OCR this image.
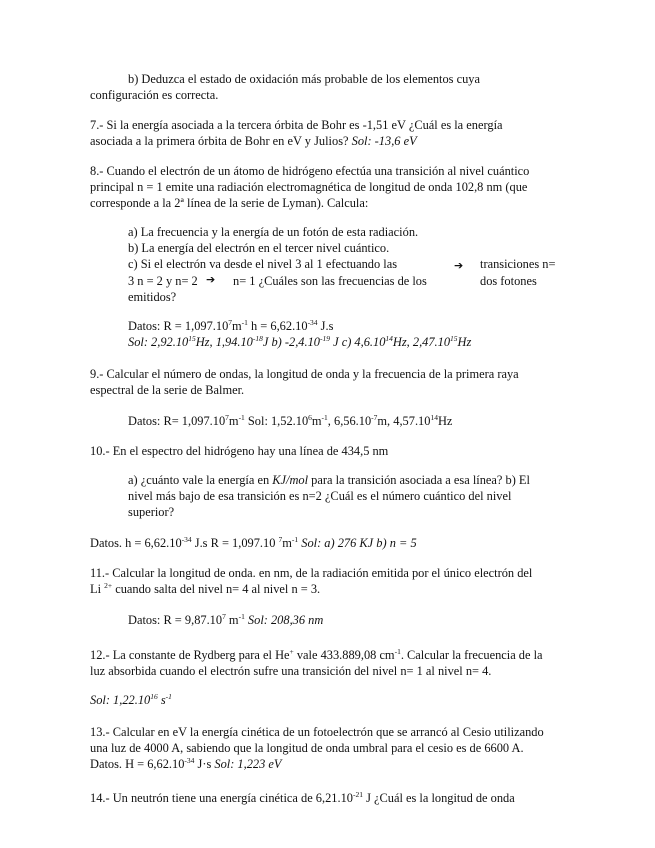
b) Deduzca el estado de oxidación más probable de los elementos cuya

configuración es correcta.

7.- Si la energía asociada a la tercera órbita de Bohr es -1,51 eV ¿Cuál es la energía

asociada a la primera órbita de Bohr en eV y Julios? Sol: -13,6 eV

8.- Cuando el electrón de un átomo de hidrógeno efectúa una transición al nivel cuántico

principal n = 1 emite una radiación electromagnética de longitud de onda 102,8 nm (que

corresponde a la 2ª línea de la serie de Lyman). Calcula:

a) La frecuencia y la energía de un fotón de esta radiación.

b) La energía del electrón en el tercer nivel cuántico.

c) Si el electrón va desde el nivel 3 al 1 efectuando las	➔ transiciones n=

3 n = 2 y n= 2 ➔ n= 1 ¿Cuáles son las frecuencias de los	dos fotones

emitidos?

Datos: $R = 1,097.10^7m^{-1}$ $h = 6,62.10^{-34}$ J.s

Sol: 2,92.10$^{15}$Hz, $1,94.10^{-18}J$ b) $-2,4.10^{-19}$ J c) 4,6.10$^{14}$Hz, 2,47.10$^{15}$Hz

9.- Calcular el número de ondas, la longitud de onda y la frecuencia de la primera raya

espectral de la serie de Balmer.

Datos: $R= 1,097.10^7m^{-1}$ Sol: $1,52.10^6m^{-1}$, $6,56.10^{-7}m$, 4,57.10$^{14}$Hz

10.- En el espectro del hidrógeno hay una línea de 434,5 nm

a) ¿cuánto vale la energía en KJ/mol para la transición asociada a esa línea? b) El

nivel más bajo de esa transición es n=2 ¿Cuál es el número cuántico del nivel

superior?

Datos. $h = 6,62.10^{-34}$ J.s R = 1,097.10 $^7m^{-1}$ Sol: a) 276 KJ b) n = 5

11.- Calcular la longitud de onda. en nm, de la radiación emitida por el único electrón del

Li $^{2+}$ cuando salta del nivel n= 4 al nivel n = 3.

Datos: $R = 9,87.10^7$ $m^{-1}$ Sol: 208,36 nm

12.- La constante de Rydberg para el He+ vale 433.889,08 $cm^{-1}$. Calcular la frecuencia de la

luz absorbida cuando el electrón sufre una transición del nivel n= 1 al nivel n= 4.

Sol: 1,22.10$^{16}$ $s^{-1}$

13.- Calcular en eV la energía cinética de un fotoelectrón que se arrancó al Cesio utilizando

una luz de 4000 A, sabiendo que la longitud de onda umbral para el cesio es de 6600 A.

Datos. $H = 6,62.10^{-34}$ J·s Sol: 1,223 eV

14.- Un neutrón tiene una energía cinética de $6,21.10^{-21}$ J ¿Cuál es la longitud de onda
